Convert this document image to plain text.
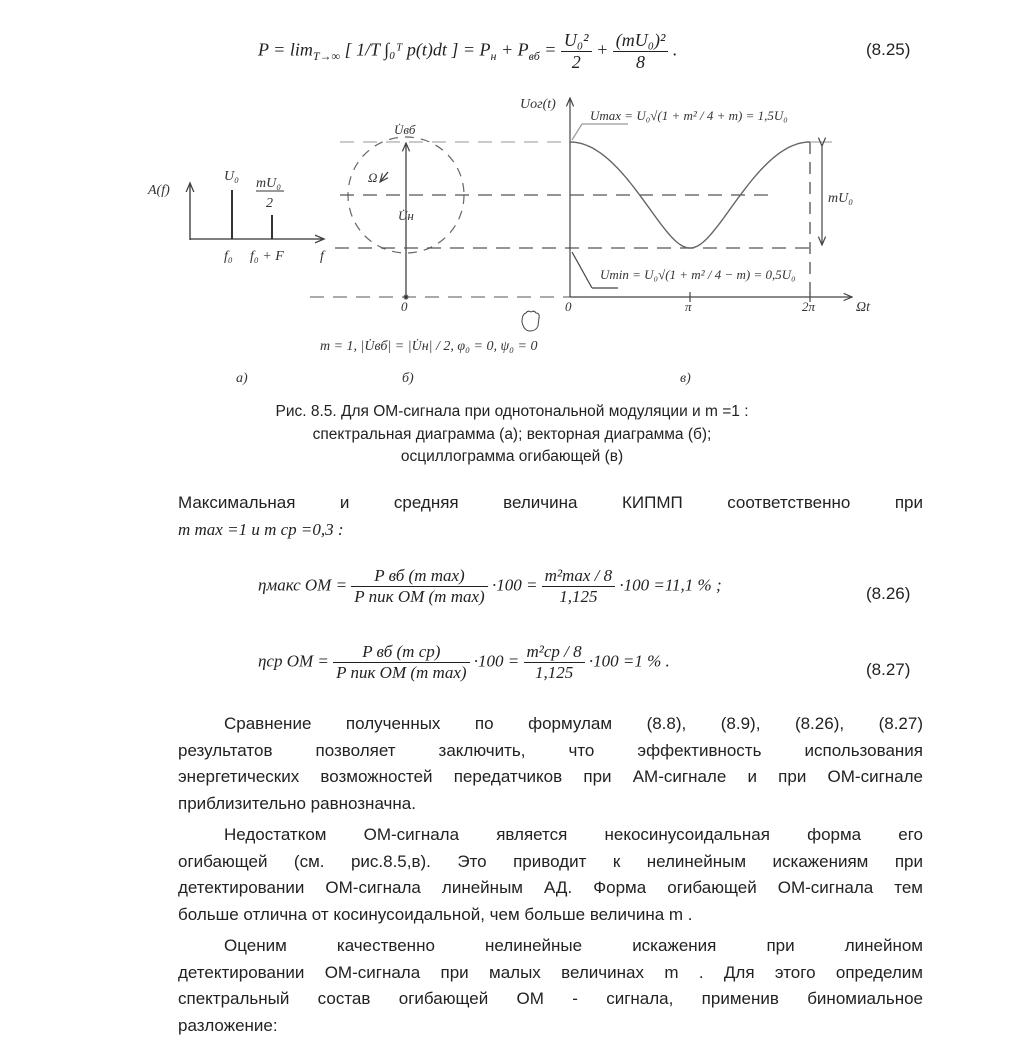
$P = \lim_{T\to\infty}$ [ 1/T ∫₀ᵀ p(t)dt ] = $P_н + P_{вб} = \frac{\text{U₀²}}{2} + \frac{\text{(mU₀)²}}{8}$ .	(8.25)
A(f)
U₀ mU₀
2
f₀ f₀ + F	f
U̇вб
Ω
U̇н
0
Uог(t)
Umax = U₀√(1 + m² / 4 + m) = 1,5U₀
Umin = U₀√(1 + m² / 4 − m) = 0,5U₀
mU₀
0	π	2π	Ωt
m = 1, |U̇вб| = |U̇н| / 2, φ₀ = 0, ψ₀ = 0
а)	б)	в)
Рис. 8.5. Для ОМ-сигнала при однотональной модуляции и m =1 :
спектральная диаграмма (а); векторная диаграмма (б);
осциллограмма огибающей (в)
Максимальная и средняя величина КИПМП соответственно при
m max =1 и m cp =0,3 :
ηмакс ОМ = $\frac{\text{P вб (m max)}}{\text{P пик ОМ (m max)}} \cdot 100 = \frac{\text{m²max / 8}}{1,125} \cdot 100 =11,1$ % ;	(8.26)
ηcp ОМ = $\frac{\text{P вб (m cp)}}{\text{P пик ОМ (m max)}} \cdot 100 = \frac{\text{m²cp / 8}}{1,125} \cdot 100 =1$ % .	(8.27)
Сравнение полученных по формулам (8.8), (8.9), (8.26), (8.27)
результатов позволяет заключить, что эффективность использования
энергетических возможностей передатчиков при АМ-сигнале и при ОМ-сигнале
приблизительно равнозначна.
Недостатком ОМ-сигнала является некосинусоидальная форма его
огибающей (см. рис.8.5,в). Это приводит к нелинейным искажениям при
детектировании ОМ-сигнала линейным АД. Форма огибающей ОМ-сигнала тем
больше отлична от косинусоидальной, чем больше величина m .
Оценим качественно нелинейные искажения при линейном
детектировании ОМ-сигнала при малых величинах m . Для этого определим
спектральный состав огибающей ОМ - сигнала, применив биномиальное
разложение:
